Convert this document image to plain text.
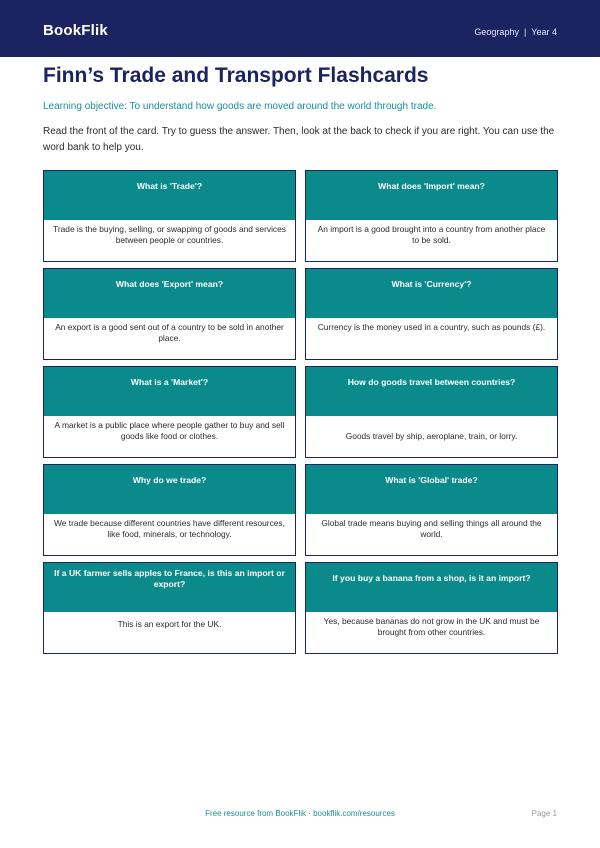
BookFlik	Geography | Year 4
Finn’s Trade and Transport Flashcards
Learning objective: To understand how goods are moved around the world through trade.
Read the front of the card. Try to guess the answer. Then, look at the back to check if you are right. You can use the word bank to help you.
What is 'Trade'?
Trade is the buying, selling, or swapping of goods and services between people or countries.
What does 'Import' mean?
An import is a good brought into a country from another place to be sold.
What does 'Export' mean?
An export is a good sent out of a country to be sold in another place.
What is 'Currency'?
Currency is the money used in a country, such as pounds (£).
What is a 'Market'?
A market is a public place where people gather to buy and sell goods like food or clothes.
How do goods travel between countries?
Goods travel by ship, aeroplane, train, or lorry.
Why do we trade?
We trade because different countries have different resources, like food, minerals, or technology.
What is 'Global' trade?
Global trade means buying and selling things all around the world.
If a UK farmer sells apples to France, is this an import or export?
This is an export for the UK.
If you buy a banana from a shop, is it an import?
Yes, because bananas do not grow in the UK and must be brought from other countries.
Free resource from BookFlik · bookflik.com/resources	Page 1
